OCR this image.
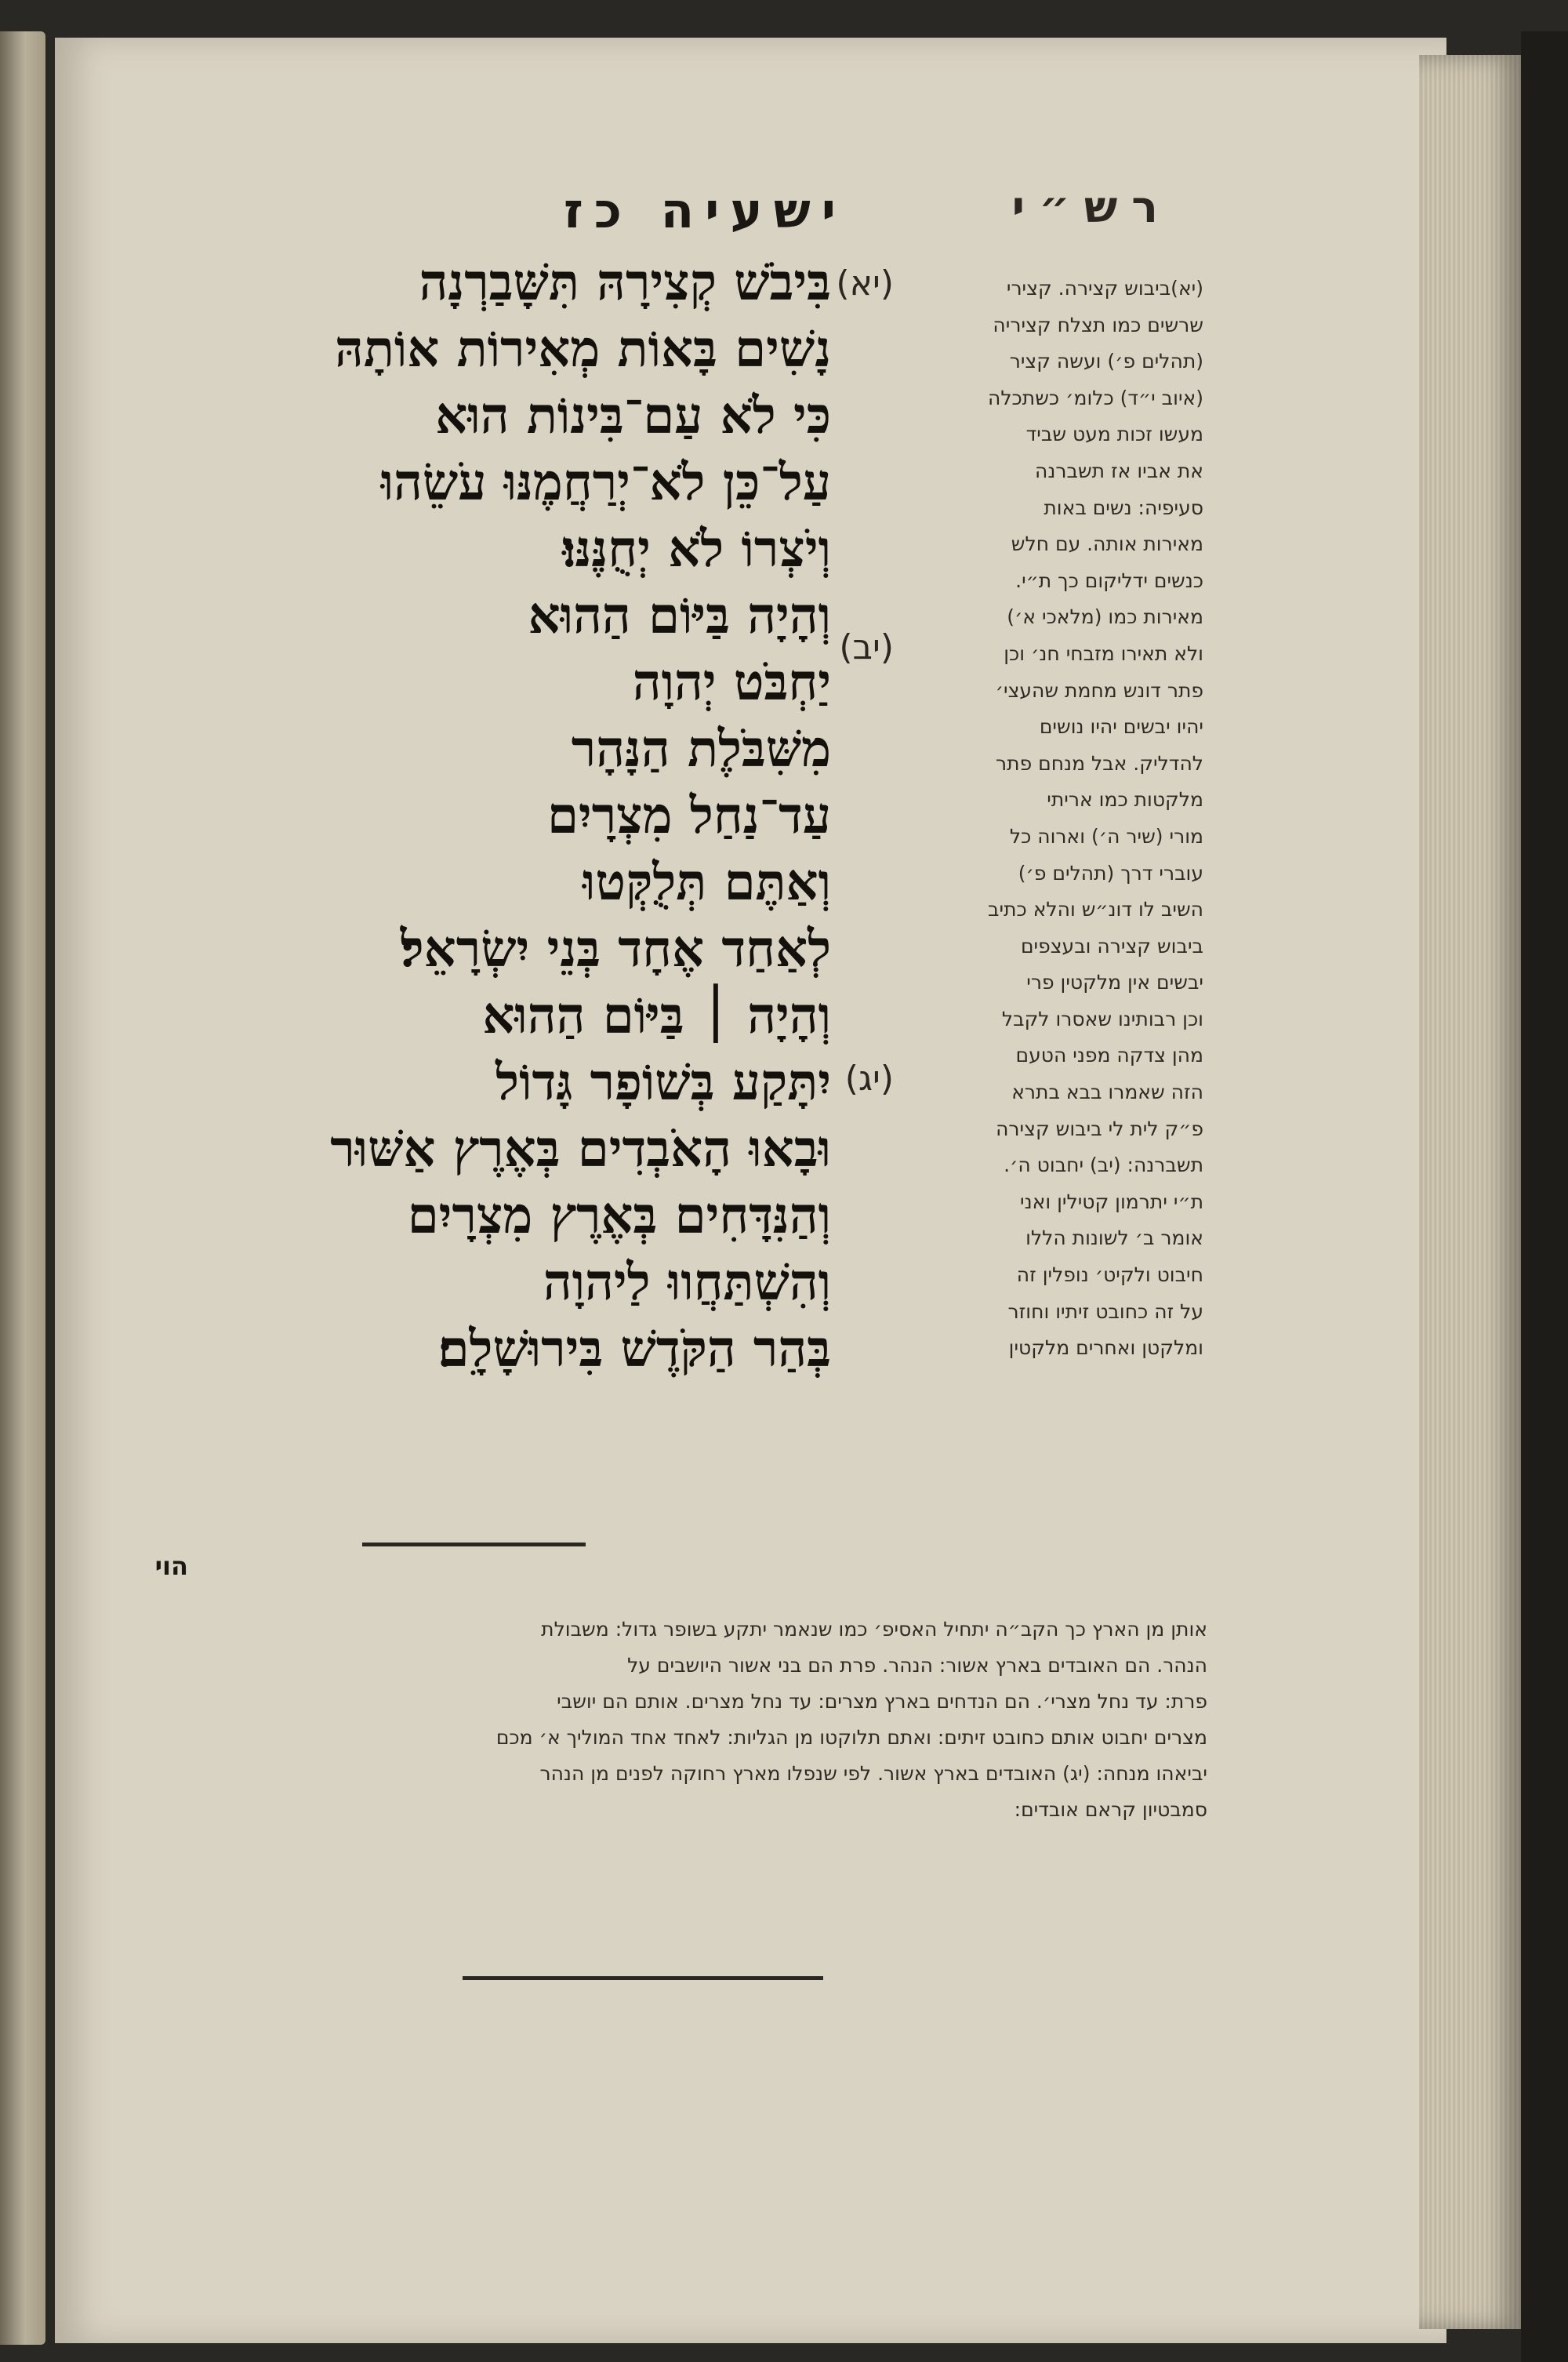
רש״י
ישעיה כז
(יא)
(יב)
(יג)
בִּיבֹשׁ קְצִירָהּ תִּשָּׁבַרְנָה
נָשִׁים בָּאוֹת מְאִירוֹת אוֹתָהּ
כִּי לֹא עַם־בִּינוֹת הוּא
עַל־כֵּן לֹא־יְרַחֲמֶנּוּ עֹשֵׂהוּ
וְיֹצְרוֹ לֹא יְחֻנֶּנּוּ׃
וְהָיָה בַּיּוֹם הַהוּא
יַחְבֹּט יְהוָה
מִשִּׁבֹּלֶת הַנָּהָר
עַד־נַחַל מִצְרָיִם
וְאַתֶּם תְּלֻקְּטוּ
לְאַחַד אֶחָד בְּנֵי יִשְׂרָאֵל׃
וְהָיָה ׀ בַּיּוֹם הַהוּא
יִתָּקַע בְּשׁוֹפָר גָּדוֹל
וּבָאוּ הָאֹבְדִים בְּאֶרֶץ אַשּׁוּר
וְהַנִּדָּחִים בְּאֶרֶץ מִצְרָיִם
וְהִשְׁתַּחֲווּ לַיהוָה
בְּהַר הַקֹּדֶשׁ בִּירוּשָׁלִָם׃
(יא)ביבוש קצירה. קצירי
שרשים כמו תצלח קציריה
(תהלים פ׳) ועשה קציר
(איוב י״ד) כלומ׳ כשתכלה
מעשו זכות מעט שביד
את אביו אז תשברנה
סעיפיה: נשים באות
מאירות אותה. עם חלש
כנשים ידליקום כך ת״י.
מאירות כמו (מלאכי א׳)
ולא תאירו מזבחי חנ׳ וכן
פתר דונש מחמת שהעצי׳
יהיו יבשים יהיו נושים
להדליק. אבל מנחם פתר
מלקטות כמו אריתי
מורי (שיר ה׳) וארוה כל
עוברי דרך (תהלים פ׳)
השיב לו דונ״ש והלא כתיב
ביבוש קצירה ובעצפים
יבשים אין מלקטין פרי
וכן רבותינו שאסרו לקבל
מהן צדקה מפני הטעם
הזה שאמרו בבא בתרא
פ״ק לית לי ביבוש קצירה
תשברנה: (יב) יחבוט ה׳.
ת״י יתרמון קטילין ואני
אומר ב׳ לשונות הללו
חיבוט ולקיט׳ נופלין זה
על זה כחובט זיתיו וחוזר
ומלקטן ואחרים מלקטין
הוי
אותן מן הארץ כך הקב״ה יתחיל האסיפ׳ כמו שנאמר יתקע בשופר גדול: משבולת
הנהר. הם האובדים בארץ אשור: הנהר. פרת הם בני אשור היושבים על
פרת: עד נחל מצרי׳. הם הנדחים בארץ מצרים: עד נחל מצרים. אותם הם יושבי
מצרים יחבוט אותם כחובט זיתים: ואתם תלוקטו מן הגליות: לאחד אחד המוליך א׳ מכם
יביאהו מנחה: (יג) האובדים בארץ אשור. לפי שנפלו מארץ רחוקה לפנים מן הנהר
סמבטיון קראם אובדים:
